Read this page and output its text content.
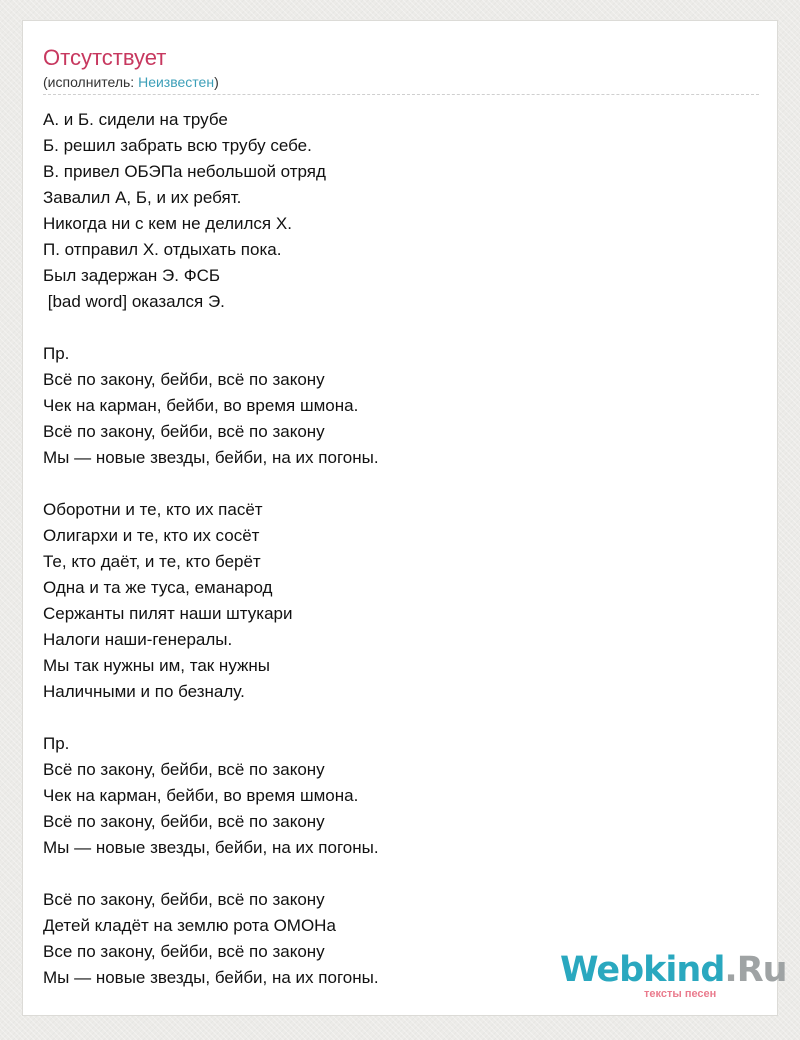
Отсутствует
(исполнитель: Неизвестен)
А. и Б. сидели на трубе
Б. решил забрать всю трубу себе.
В. привел ОБЭПа небольшой отряд
Завалил А, Б, и их ребят.
Никогда ни с кем не делился Х.
П. отправил Х. отдыхать пока.
Был задержан Э. ФСБ
[bad word] оказался Э.

Пр.
Всё по закону, бейби, всё по закону
Чек на карман, бейби, во время шмона.
Всё по закону, бейби, всё по закону
Мы — новые звезды, бейби, на их погоны.

Оборотни и те, кто их пасёт
Олигархи и те, кто их сосёт
Те, кто даёт, и те, кто берёт
Одна и та же туса, еманарод
Сержанты пилят наши штукари
Налоги наши-генералы.
Мы так нужны им, так нужны
Наличными и по безналу.

Пр.
Всё по закону, бейби, всё по закону
Чек на карман, бейби, во время шмона.
Всё по закону, бейби, всё по закону
Мы — новые звезды, бейби, на их погоны.

Всё по закону, бейби, всё по закону
Детей кладёт на землю рота ОМОНа
Все по закону, бейби, всё по закону
Мы — новые звезды, бейби, на их погоны.	Webkind.Ru
тексты песен
